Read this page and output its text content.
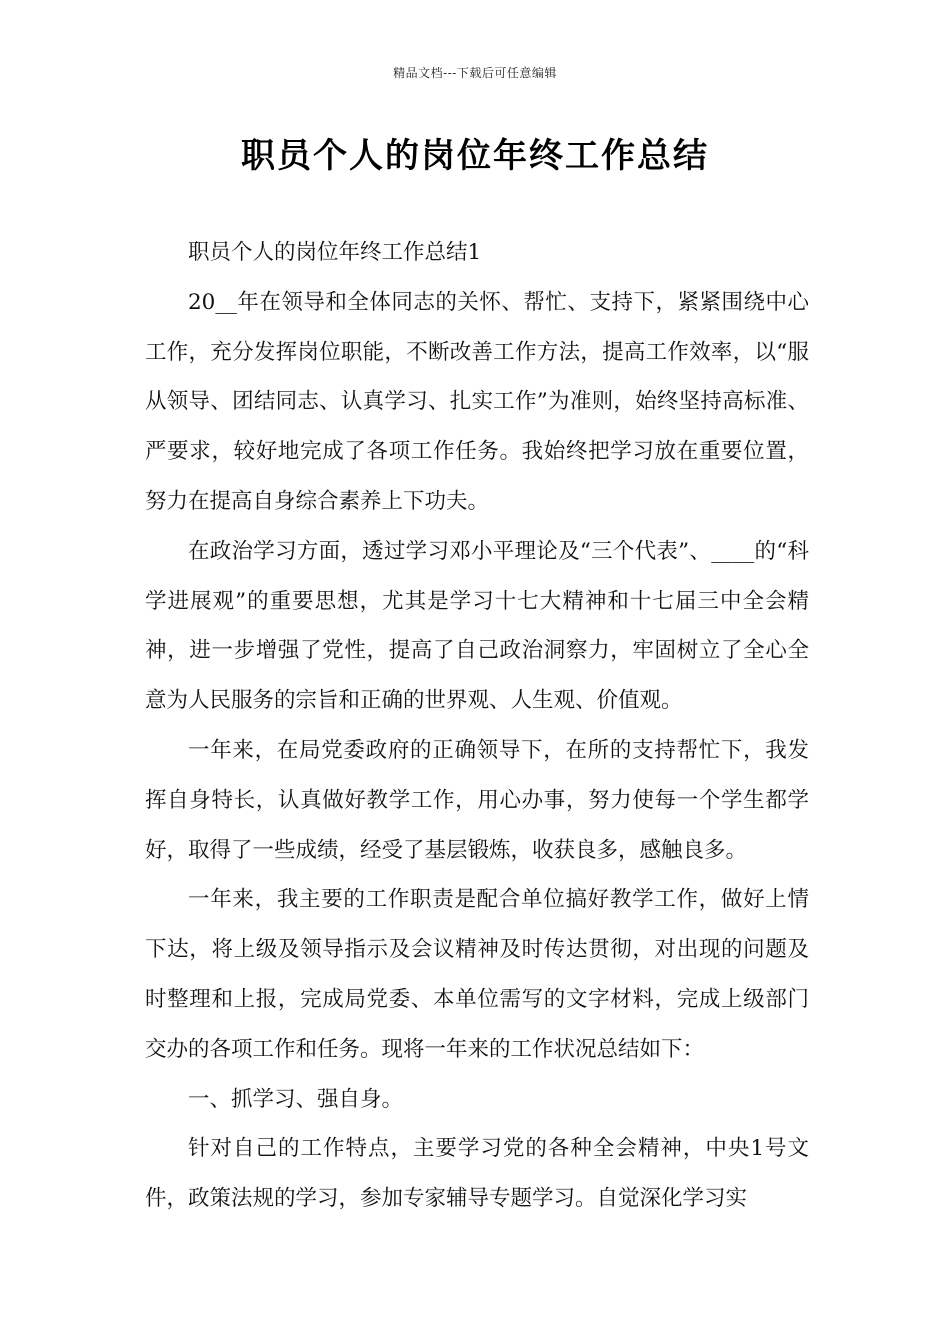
精品文档---下载后可任意编辑
职员个人的岗位年终工作总结

职员个人的岗位年终工作总结1

20__年在领导和全体同志的关怀、帮忙、支持下，紧紧围绕中心工作，充分发挥岗位职能，不断改善工作方法，提高工作效率，以“服从领导、团结同志、认真学习、扎实工作”为准则，始终坚持高标准、严要求，较好地完成了各项工作任务。我始终把学习放在重要位置，努力在提高自身综合素养上下功夫。

在政治学习方面，透过学习邓小平理论及“三个代表”、____的“科学进展观”的重要思想，尤其是学习十七大精神和十七届三中全会精神，进一步增强了党性，提高了自己政治洞察力，牢固树立了全心全意为人民服务的宗旨和正确的世界观、人生观、价值观。

一年来，在局党委政府的正确领导下，在所的支持帮忙下，我发挥自身特长，认真做好教学工作，用心办事，努力使每一个学生都学好，取得了一些成绩，经受了基层锻炼，收获良多，感触良多。

一年来，我主要的工作职责是配合单位搞好教学工作，做好上情下达，将上级及领导指示及会议精神及时传达贯彻，对出现的问题及时整理和上报，完成局党委、本单位需写的文字材料，完成上级部门交办的各项工作和任务。现将一年来的工作状况总结如下：

一、抓学习、强自身。

针对自己的工作特点，主要学习党的各种全会精神，中央1号文件，政策法规的学习，参加专家辅导专题学习。自觉深化学习实
